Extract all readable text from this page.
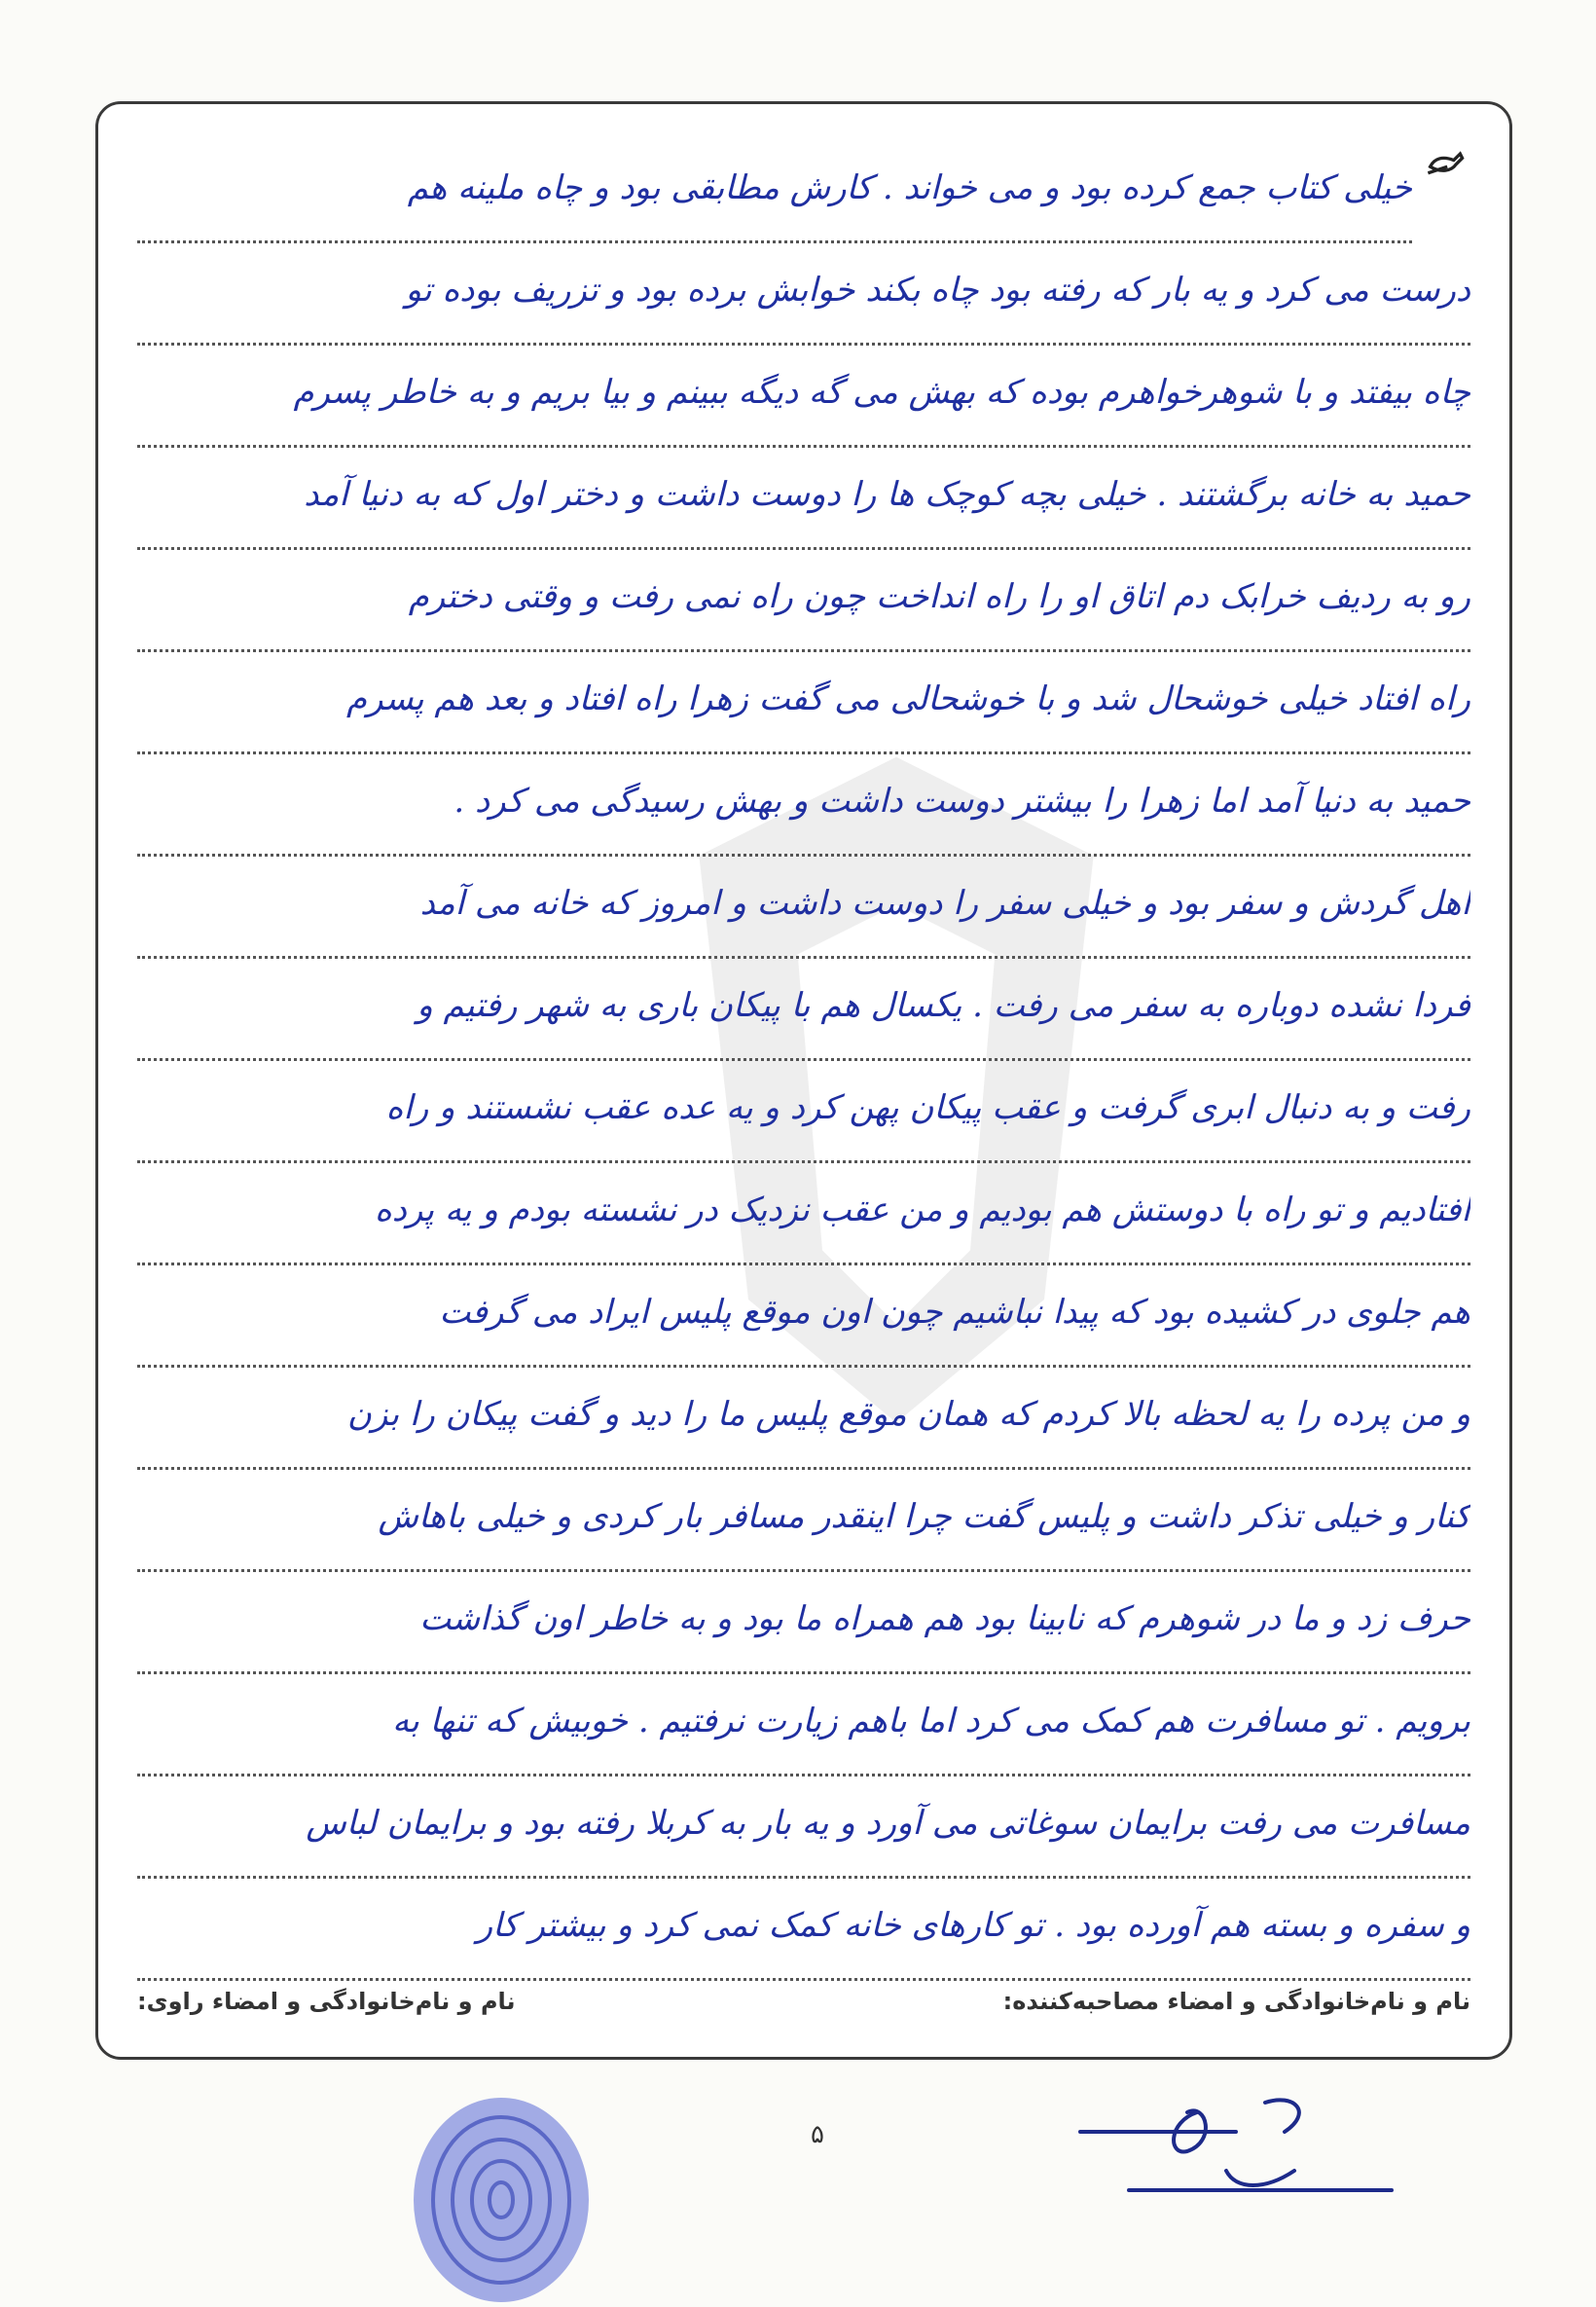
خیلی کتاب جمع کرده بود و می خواند . کارش مطابقی بود و چاه ملینه هم
درست می کرد و یه بار که رفته بود چاه بکند خوابش برده بود و تزریف بوده تو
چاه بیفتد و با شوهرخواهرم بوده که بهش می گه دیگه ببینم و بیا بریم و به خاطر پسرم
حمید به خانه برگشتند . خیلی بچه کوچک ها را دوست داشت و دختر اول که به دنیا آمد
رو به ردیف خرابک دم اتاق او را راه انداخت چون راه نمی رفت و وقتی دخترم
راه افتاد خیلی خوشحال شد و با خوشحالی می گفت زهرا راه افتاد و بعد هم پسرم
حمید به دنیا آمد اما زهرا را بیشتر دوست داشت و بهش رسیدگی می کرد .
اهل گردش و سفر بود و خیلی سفر را دوست داشت و امروز که خانه می آمد
فردا نشده دوباره به سفر می رفت . یکسال هم با پیکان باری به شهر رفتیم و
رفت و به دنبال ابری گرفت و عقب پیکان پهن کرد و یه عده عقب نشستند و راه
افتادیم و تو راه با دوستش هم بودیم و من عقب نزدیک در نشسته بودم و یه پرده
هم جلوی در کشیده بود که پیدا نباشیم چون اون موقع پلیس ایراد می گرفت
و من پرده را یه لحظه بالا کردم که همان موقع پلیس ما را دید و گفت پیکان را بزن
کنار و خیلی تذکر داشت و پلیس گفت چرا اینقدر مسافر بار کردی و خیلی باهاش
حرف زد و ما در شوهرم که نابینا بود هم همراه ما بود و به خاطر اون گذاشت
برویم . تو مسافرت هم کمک می کرد اما باهم زیارت نرفتیم . خوبیش که تنها به
مسافرت می رفت برایمان سوغاتی می آورد و یه بار به کربلا رفته بود و برایمان لباس
و سفره و بسته هم آورده بود . تو کارهای خانه کمک نمی کرد و بیشتر کار
نام و نام‌خانوادگی و امضاء مصاحبه‌کننده:
نام و نام‌خانوادگی و امضاء راوی:
۵
